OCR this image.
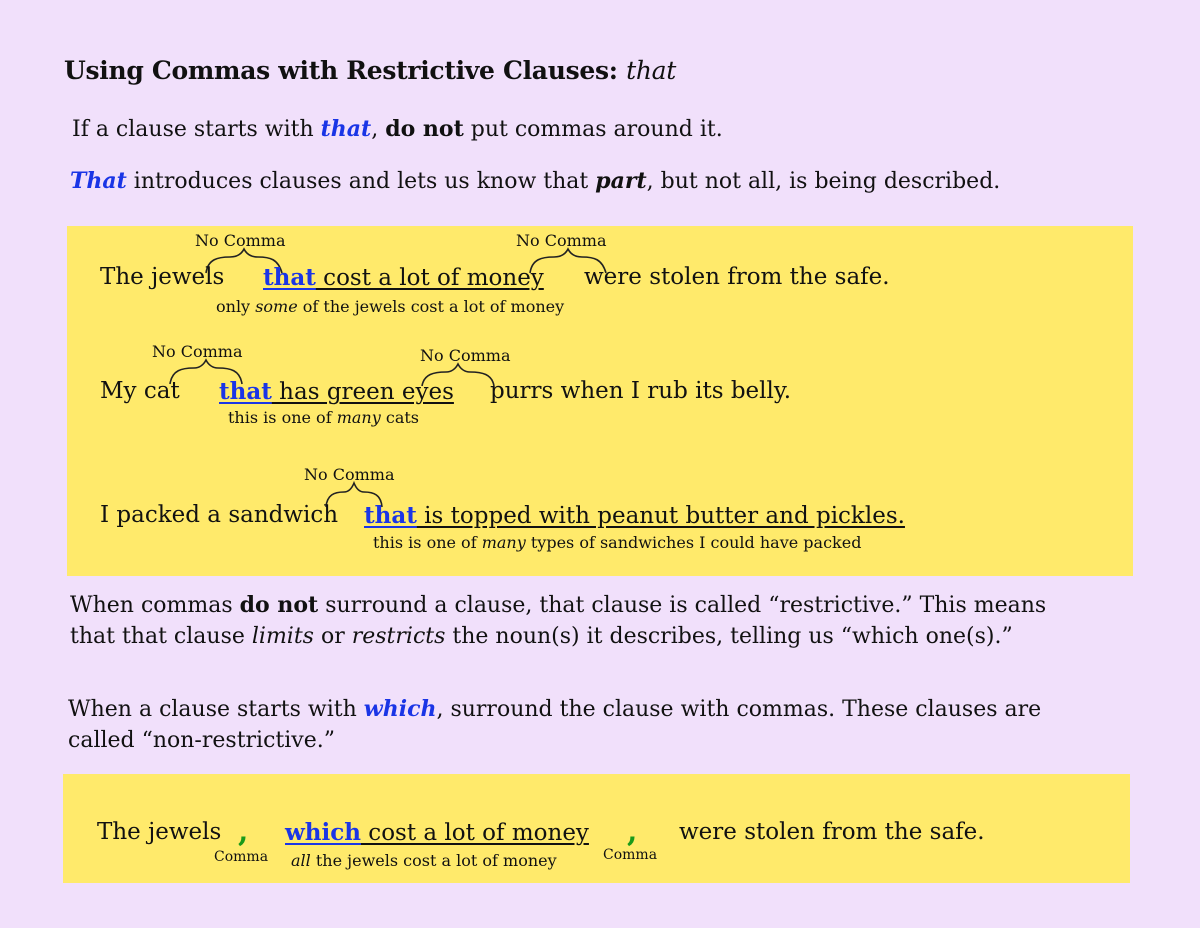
Using Commas with Restrictive Clauses: that
If a clause starts with that, do not put commas around it.
That introduces clauses and lets us know that part, but not all, is being described.
No Comma	No Comma
The jewels that cost a lot of money were stolen from the safe.
only some of the jewels cost a lot of money
No Comma	No Comma
My cat that has green eyes purrs when I rub its belly.
this is one of many cats
No Comma
I packed a sandwich that is topped with peanut butter and pickles.
this is one of many types of sandwiches I could have packed
When commas do not surround a clause, that clause is called “restrictive.” This means
that that clause limits or restricts the noun(s) it describes, telling us “which one(s).”
When a clause starts with which, surround the clause with commas. These clauses are
called “non-restrictive.”
The jewels ,
Comma
which cost a lot of money ,
Comma
were stolen from the safe.
all the jewels cost a lot of money
